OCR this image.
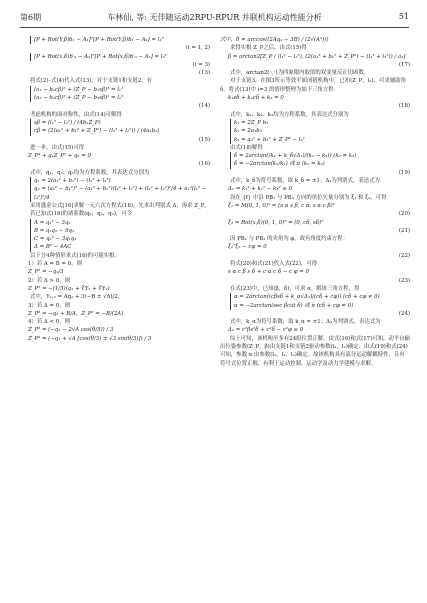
第6期	车林仙, 等: 无伴随运动2RPU-RPUR 并联机构运动性能分析	51
[P + Rot(Y,β)b₁ − A₁]ᵀ[P + Rot(Y,β)b₁ − A₁] = l₁²
(i = 1, 2)
[P + Rot(x,δ)b′₃ − A₃]ᵀ[P + Rot(x,δ)b′₃ − A₃] = l₃²
(i = 3)
(13)
将式(2)–式(4)代入式(13)，对于支链1和支链2，有
(a₁ − b₁cβ)² + (Z_P − b₁sβ)² = l₁²
(a₂ − b₂cβ)² + (Z_P − b₂sβ)² = l₂²
(14)
考虑机构的面对称性，由式(14)可解得
sβ = (l₁² − l₂²) / (4b₁Z_P)
cβ = (2(a₁² + b₁² + Z_P²) − (l₁² + l₂²)) / (4a₁b₁)
(15)
进一步，由式(15)可得
Z_P⁴ + q₁Z_P² + q₂ = 0
(16)
式中，q₁、q₂、q₃均为方程系数，其表达式分别为
q₁ = 2(a₁² + b₁²) − (l₁² + l₂²)
q₂ = (a₁² − b₁²)² − (a₁² + b₁²)(l₁² + l₂²) + (l₁² + l₂²)²/4 + a₁²(l₁² − l₂²)²/4
采用盛金公式[16]求解一元六次方程式(16)，先求出判别式 Δ，再求 Z_P。
若已知式(16)的诸系数(q₁，q₂，q₃)，可令
A = q₁² − 3q₂
B = q₁q₂ − 9q₃
C = q₂² − 3q₁q₃
Δ = B² − 4AC
以下分4种情形求式(16)的可能实根。
1）若 A = B = 0，则
Z_P² = −q₁/3
2）若 Δ > 0，则
Z_P² = −(1/3)(q₁ + ∛Y₁ + ∛Y₂)
式中，Y₁,₂ = Aq₁ + 3(−B ± √Δ)/2。
3）若 Δ = 0，则
Z_P² = −q₁ + B/A，Z_P² = −B/(2A)
4）若 Δ < 0，则
Z_P² = (−q₁ − 2√A cos(θ/3)) / 3
Z_P² = (−q₁ + √A [cos(θ/3) ± √3 sin(θ/3)]) / 3
式中，θ = arccos((2Aq₁ − 3B) / (2√(A³)))
求得实根 Z_P之后，由式(15)得
β = arctan2[Z_P / (l₁² − l₂²), (2(a₁² + b₁² + Z_P²) − (l₁² + l₂²)) / a₁]
(17)
式中，arctan2(·，·)为四象限内取值的双变量反正切函数。
对于支链3，在图3所示等效平面闭链机构中，已知(Z_P，l₃)，可求辅助角 δ。将式(13)中 i=3 的情形整理为如下三角方程：
k₁sδ + k₂cδ + k₃ = 0
(18)
式中，k₁、k₂、k₃均为方程系数，其表达式分别为
k₁ = 2Z_P b₃
k₂ = 2a₃b₃
k₃ = a₃² + b₃² + Z_P² − l₃²
由式(18)解得
δ = 2arctan((k₁ + k_δ√Δ₁)/(k₂ − k₃)) (k₂ ≠ k₃)
δ = −2arctan(k₂/k₁) 或 π (k₂ = k₃)
(19)
式中，k_δ为符号系数，取 k_δ = ±1；Δ₁为判别式，表达式为
Δ₁ = k₁² + k₂² − k₃² ≥ 0
设在 {f} 中沿 PB₁ 与 PB₃ 方向的单位矢量分别为 ξ₁ 和 ξ₃，可得
ξ₁ = M(0, 1, 0)ᵀ = (s α s β, c α, s α c β)ᵀ
(20)
ξ₃ = Rot(x,δ)(0, 1, 0)ᵀ = (0, cδ, sδ)ᵀ
(21)
因 PB₁ 与 PB₃ 的夹角为 φ，故有角度约束方程：
ξ₁ᵀξ₃ − cφ = 0
(22)
将式(20)和式(21)代入式(22)，可得
s α c β s δ + c α c δ − c φ = 0
(23)
在式(23)中，已知(β，δ)，可求 α。解该三角方程，得
α = 2arctan((cβsδ + k_α√Δ₂)/(cδ + cφ)) (cδ + cφ ≠ 0)
α = −2arctan(sec βcot δ) 或 π (cδ + cφ = 0)
(24)
式中，k_α为符号系数，取 k_α = ±1；Δ₂为判别式，表达式为
Δ₂ = c²βs²δ + c²δ − c²φ ≥ 0
综上可知，该机构至多有24组位置正解。由式(16)和式(17)可知，动平台输出位姿参数(Z_P，β)由支链1和支链2驱动参数(l₁，l₂)确定；由式(19)和式(24)可知，参数 α 由参数(l₁，l₂，l₃)确定。故该机构具有部分运动解耦特性，且有符号式位置正解，有利于运动控制、运动学及动力学建模与求解。
